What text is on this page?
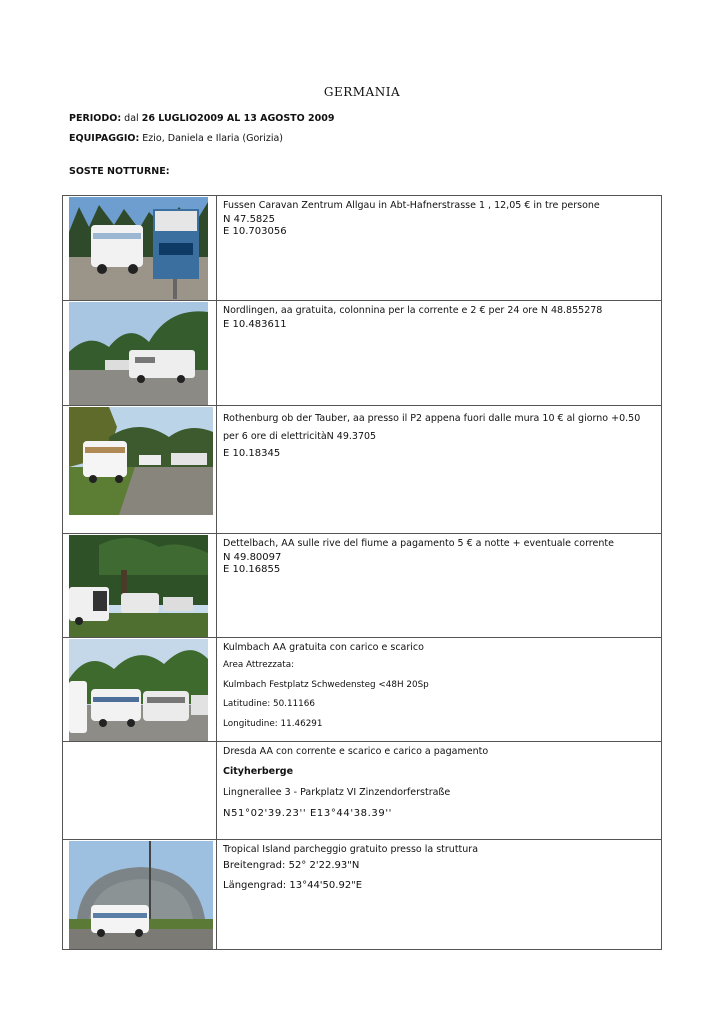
GERMANIA
PERIODO: dal 26 LUGLIO2009 AL 13 AGOSTO 2009
EQUIPAGGIO: Ezio, Daniela e Ilaria (Gorizia)
SOSTE NOTTURNE:

Fussen Caravan Zentrum Allgau in Abt-Hafnerstrasse 1 , 12,05 € in tre persone
N 47.5825
E 10.703056

Nordlingen, aa gratuita, colonnina per la corrente e 2 € per 24 ore N 48.855278
E 10.483611

Rothenburg ob der Tauber, aa presso il P2 appena fuori dalle mura 10 € al giorno +0.50 per 6 ore di elettricitàN 49.3705
E 10.18345

Dettelbach, AA sulle rive del fiume a pagamento 5 € a notte + eventuale corrente
N 49.80097
E 10.16855

Kulmbach AA gratuita con carico e scarico
Area Attrezzata:
Kulmbach Festplatz Schwedensteg <48H 20Sp
Latitudine: 50.11166
Longitudine: 11.46291

	Dresda AA con corrente e scarico e carico a pagamento
Cityherberge
Lingnerallee 3 - Parkplatz VI Zinzendorferstraße
N51°02'39.23'' E13°44'38.39''

Tropical Island parcheggio gratuito presso la struttura
Breitengrad: 52° 2'22.93"N
Längengrad: 13°44'50.92"E
